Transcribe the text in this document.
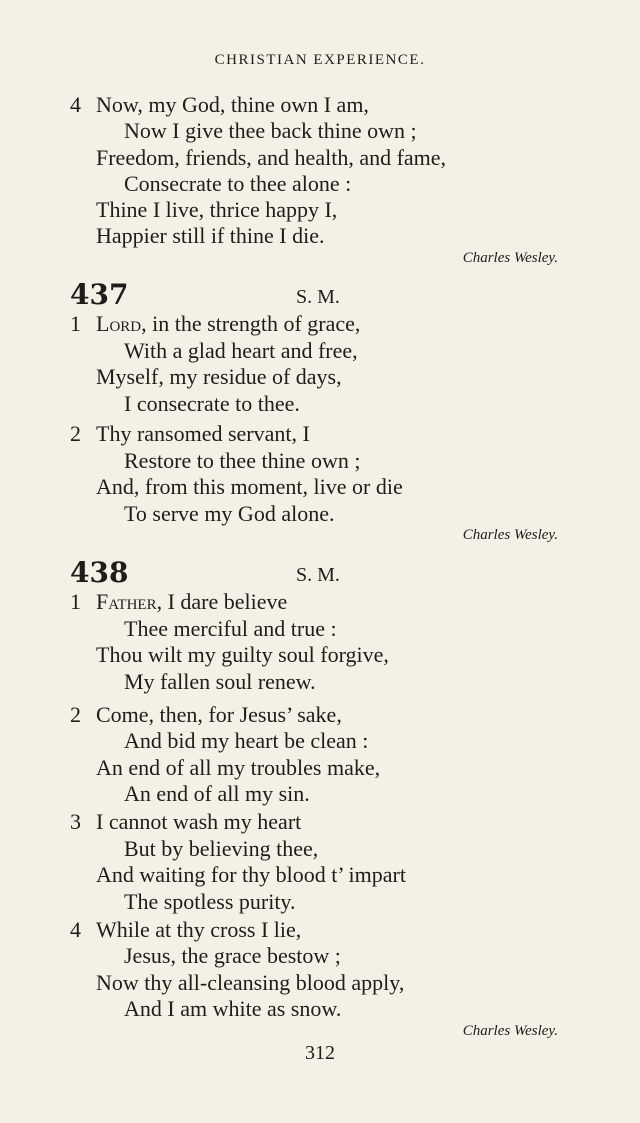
CHRISTIAN EXPERIENCE.
4 Now, my God, thine own I am,
Now I give thee back thine own ;
Freedom, friends, and health, and fame,
Consecrate to thee alone :
Thine I live, thrice happy I,
Happier still if thine I die.
Charles Wesley.
437	S. M.
1 Lord, in the strength of grace,
With a glad heart and free,
Myself, my residue of days,
I consecrate to thee.
2 Thy ransomed servant, I
Restore to thee thine own ;
And, from this moment, live or die
To serve my God alone.
Charles Wesley.
438	S. M.
1 Father, I dare believe
Thee merciful and true :
Thou wilt my guilty soul forgive,
My fallen soul renew.
2 Come, then, for Jesus’ sake,
And bid my heart be clean :
An end of all my troubles make,
An end of all my sin.
3 I cannot wash my heart
But by believing thee,
And waiting for thy blood t’ impart
The spotless purity.
4 While at thy cross I lie,
Jesus, the grace bestow ;
Now thy all-cleansing blood apply,
And I am white as snow.
Charles Wesley.
312
